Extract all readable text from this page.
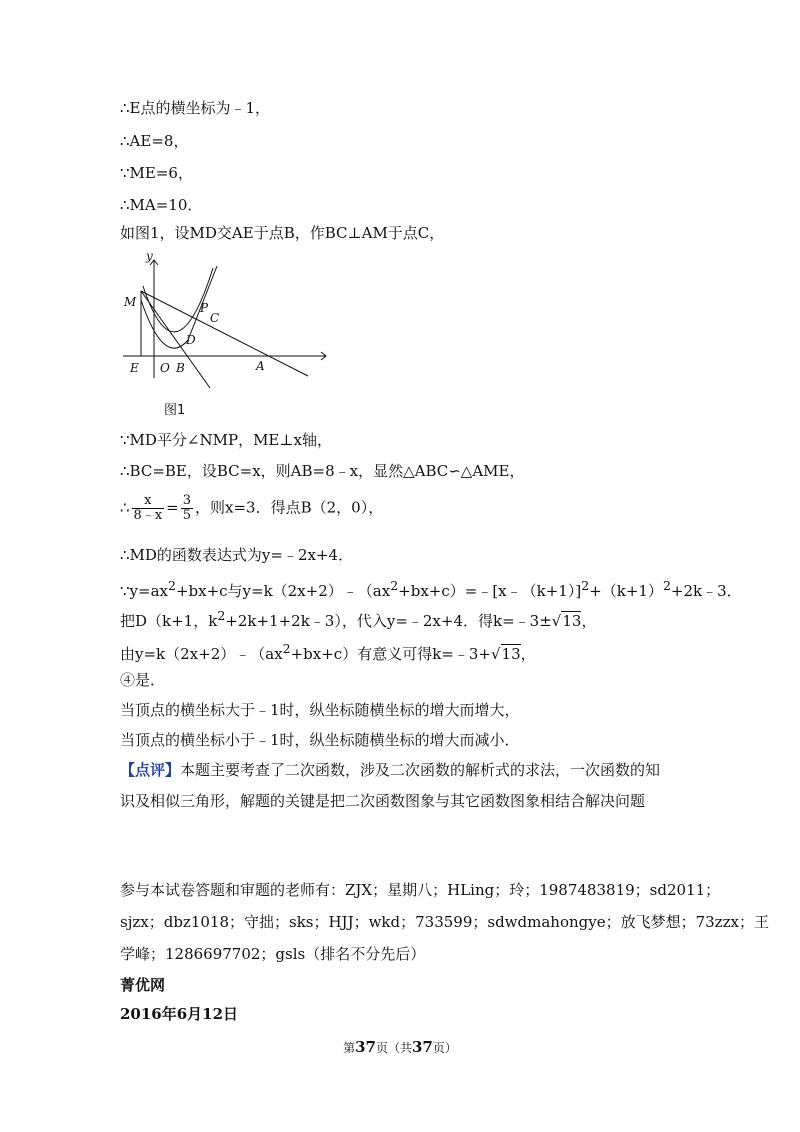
∴E点的横坐标为﹣1，
∴AE=8，
∵ME=6，
∴MA=10．
如图1，设MD交AE于点B，作BC⊥AM于点C，
y
M	P
C
D
E O B	A
图1
∵MD平分∠NMP，ME⊥x轴，
∴BC=BE，设BC=x，则AB=8﹣x，显然△ABC∽△AME，
∴ $\frac{x}{8﹣x} = \frac{3}{5}$ ，则x=3．得点B（2，0），
∴MD的函数表达式为y=﹣2x+4．
$\because y=ax^2+bx+c$与$y=k(2x+2)﹣(ax^2+bx+c)=﹣[x﹣(k+1)]^2+(k+1)^2+2k﹣3$．
把D（k+1，$k^2+2k+1+2k﹣3$），代入y=﹣2x+4．得k=﹣3±√13，
由$y=k(2x+2)﹣(ax^2+bx+c)$有意义可得k=﹣3+√13，
④是．
当顶点的横坐标大于﹣1时，纵坐标随横坐标的增大而增大，
当顶点的横坐标小于﹣1时，纵坐标随横坐标的增大而减小．
【点评】本题主要考查了二次函数，涉及二次函数的解析式的求法，一次函数的知
识及相似三角形，解题的关键是把二次函数图象与其它函数图象相结合解决问题
参与本试卷答题和审题的老师有：ZJX；星期八；HLing；玲；1987483819；sd2011；
sjzx；dbz1018；守拙；sks；HJJ；wkd；733599；sdwdmahongye；放飞梦想；73zzx；王
学峰；1286697702；gsls（排名不分先后）
菁优网
2016年6月12日
第37页（共37页）
